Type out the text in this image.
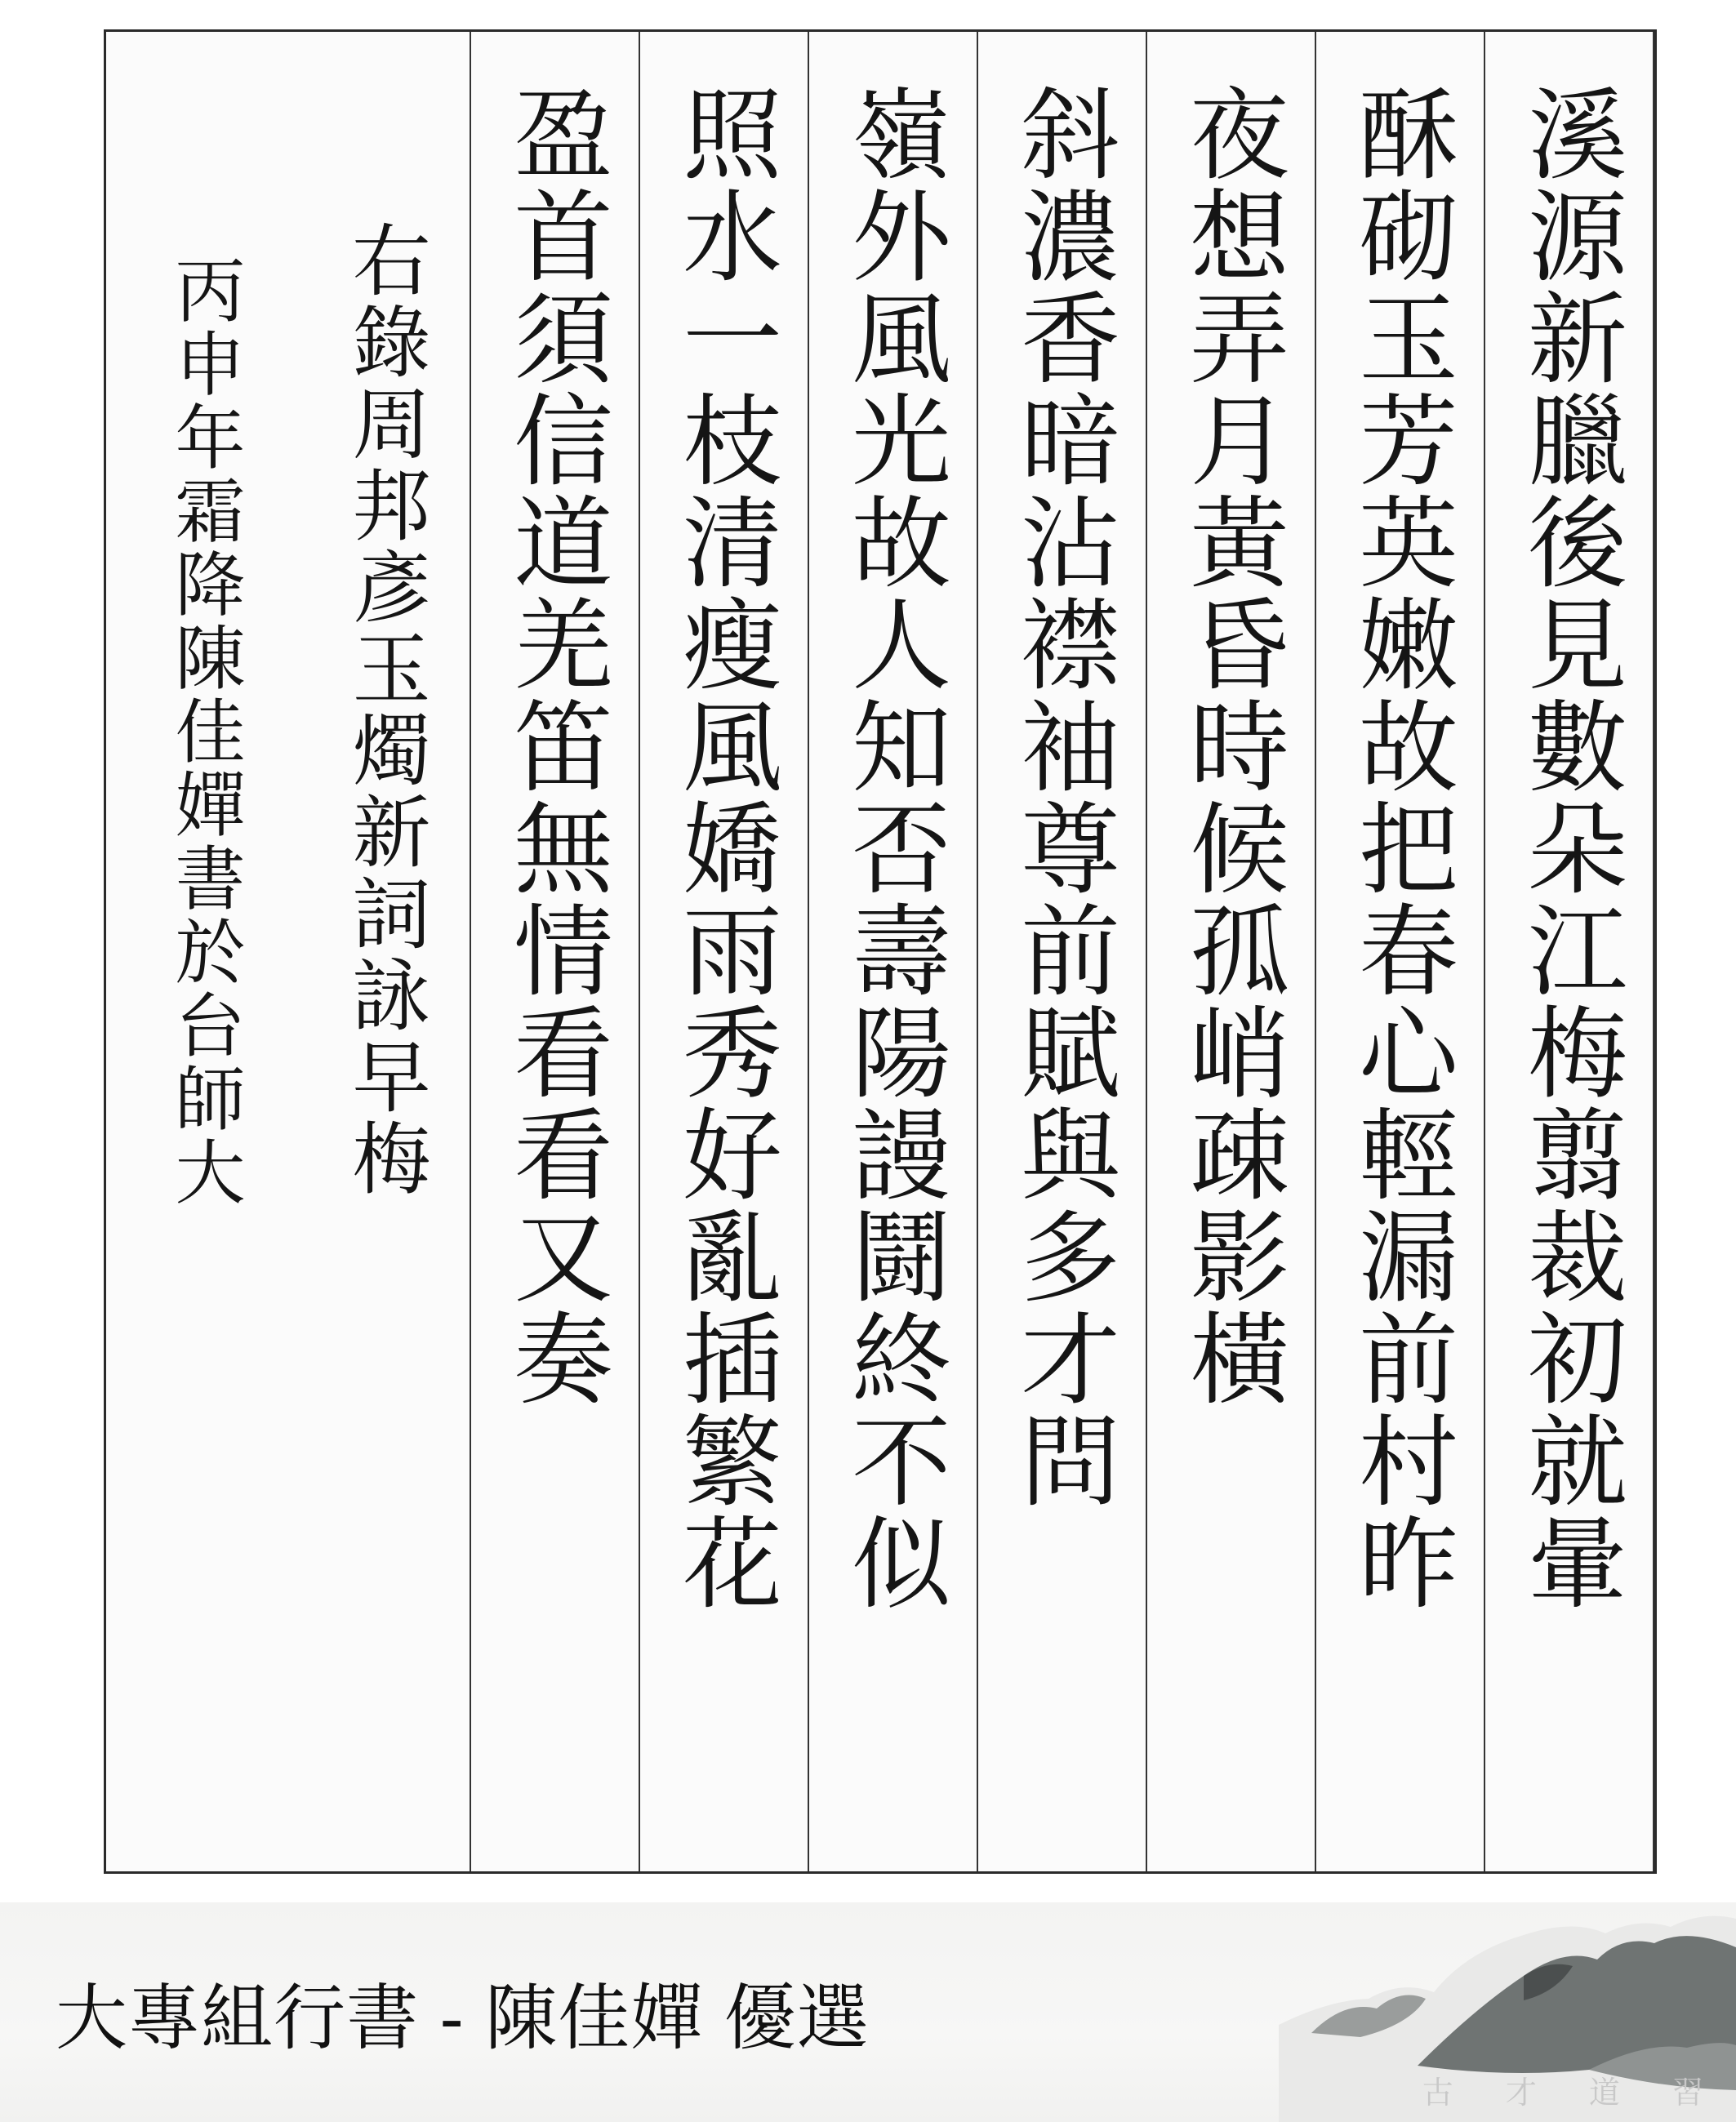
溪源新臘後見數朵江梅翦裁初就暈
酥砌玉芳英嫩故把春心輕漏前村昨
夜想弄月黃昏時候孤峭疎影橫
斜濃香暗沾襟袖尊前賦與多才問
嶺外風光故人知否壽陽謾鬪終不似
照水一枝清瘦風嬌雨秀好亂插繁花
盈首須信道羌笛無情看看又奏
右錄周邦彥玉燭新詞詠早梅
丙申年霜降陳佳嬋書於台師大
大專組行書 - 陳佳嬋 優選
古 才 道 習
